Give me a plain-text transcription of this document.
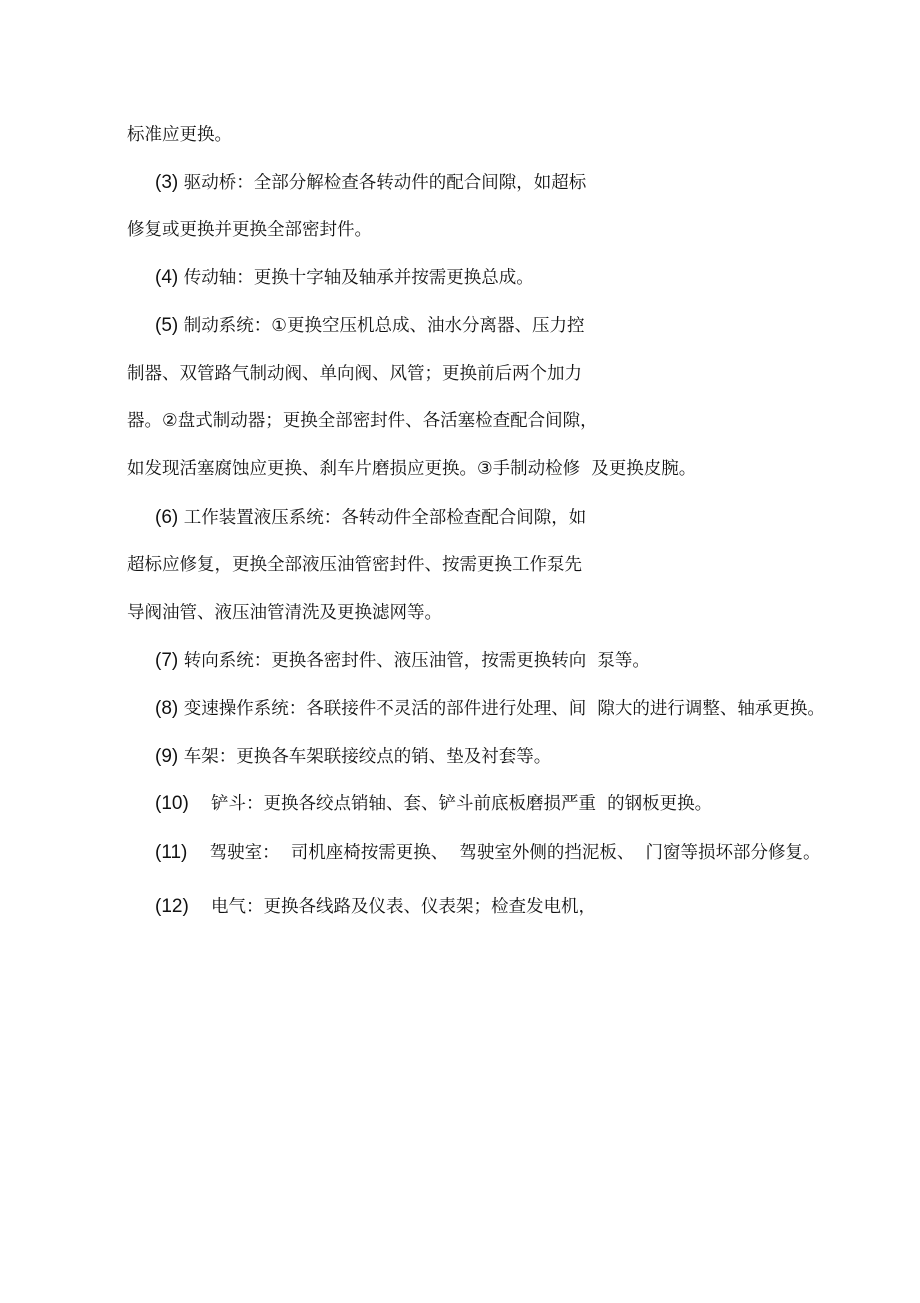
标准应更换。
(3) 驱动桥：全部分解检查各转动件的配合间隙，如超标
修复或更换并更换全部密封件。
(4) 传动轴：更换十字轴及轴承并按需更换总成。
(5) 制动系统：①更换空压机总成、油水分离器、压力控
制器、双管路气制动阀、单向阀、风管；更换前后两个加力
器。②盘式制动器；更换全部密封件、各活塞检查配合间隙，
如发现活塞腐蚀应更换、刹车片磨损应更换。③手制动检修  及更换皮腕。
(6) 工作装置液压系统：各转动件全部检查配合间隙，如
超标应修复，更换全部液压油管密封件、按需更换工作泵先
导阀油管、液压油管清洗及更换滤网等。
(7) 转向系统：更换各密封件、液压油管，按需更换转向  泵等。
(8) 变速操作系统：各联接件不灵活的部件进行处理、间  隙大的进行调整、轴承更换。
(9) 车架：更换各车架联接绞点的销、垫及衬套等。
(10)    铲斗：更换各绞点销轴、套、铲斗前底板磨损严重  的钢板更换。
(11)    驾驶室：  司机座椅按需更换、  驾驶室外侧的挡泥板、  门窗等损坏部分修复。
(12)    电气：更换各线路及仪表、仪表架；检查发电机，
